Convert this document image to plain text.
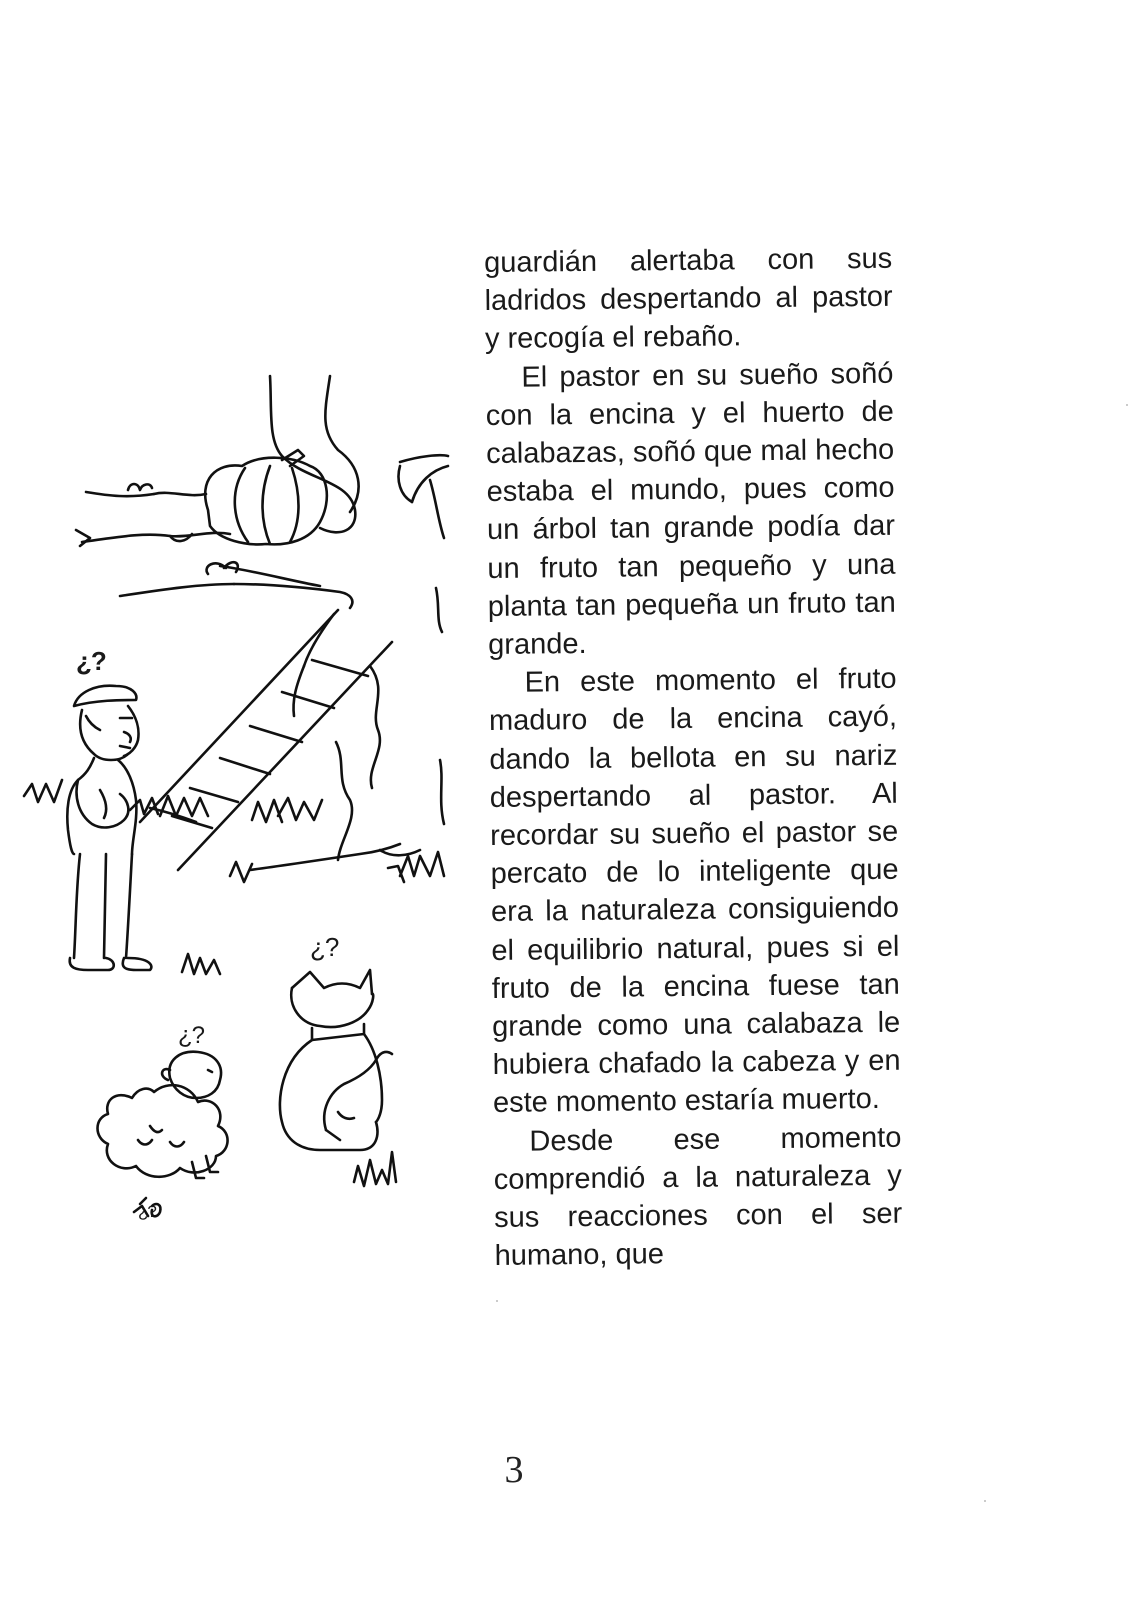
¿?
¿?
¿?
¿?

guardián alertaba con sus ladridos despertando al pastor y recogía el rebaño.

El pastor en su sueño soñó con la encina y el huerto de calabazas, soñó que mal hecho estaba el mundo, pues como un árbol tan grande podía dar un fruto tan pequeño y una planta tan pequeña un fruto tan grande.

En este momento el fruto maduro de la encina cayó, dando la bellota en su nariz despertando al pastor. Al recordar su sueño el pastor se percato de lo inteligente que era la naturaleza consiguiendo el equilibrio natural, pues si el fruto de la encina fuese tan grande como una calabaza le hubiera chafado la cabeza y en este momento estaría muerto.

Desde ese momento comprendió a la naturaleza y sus reacciones con el ser humano, que

3
